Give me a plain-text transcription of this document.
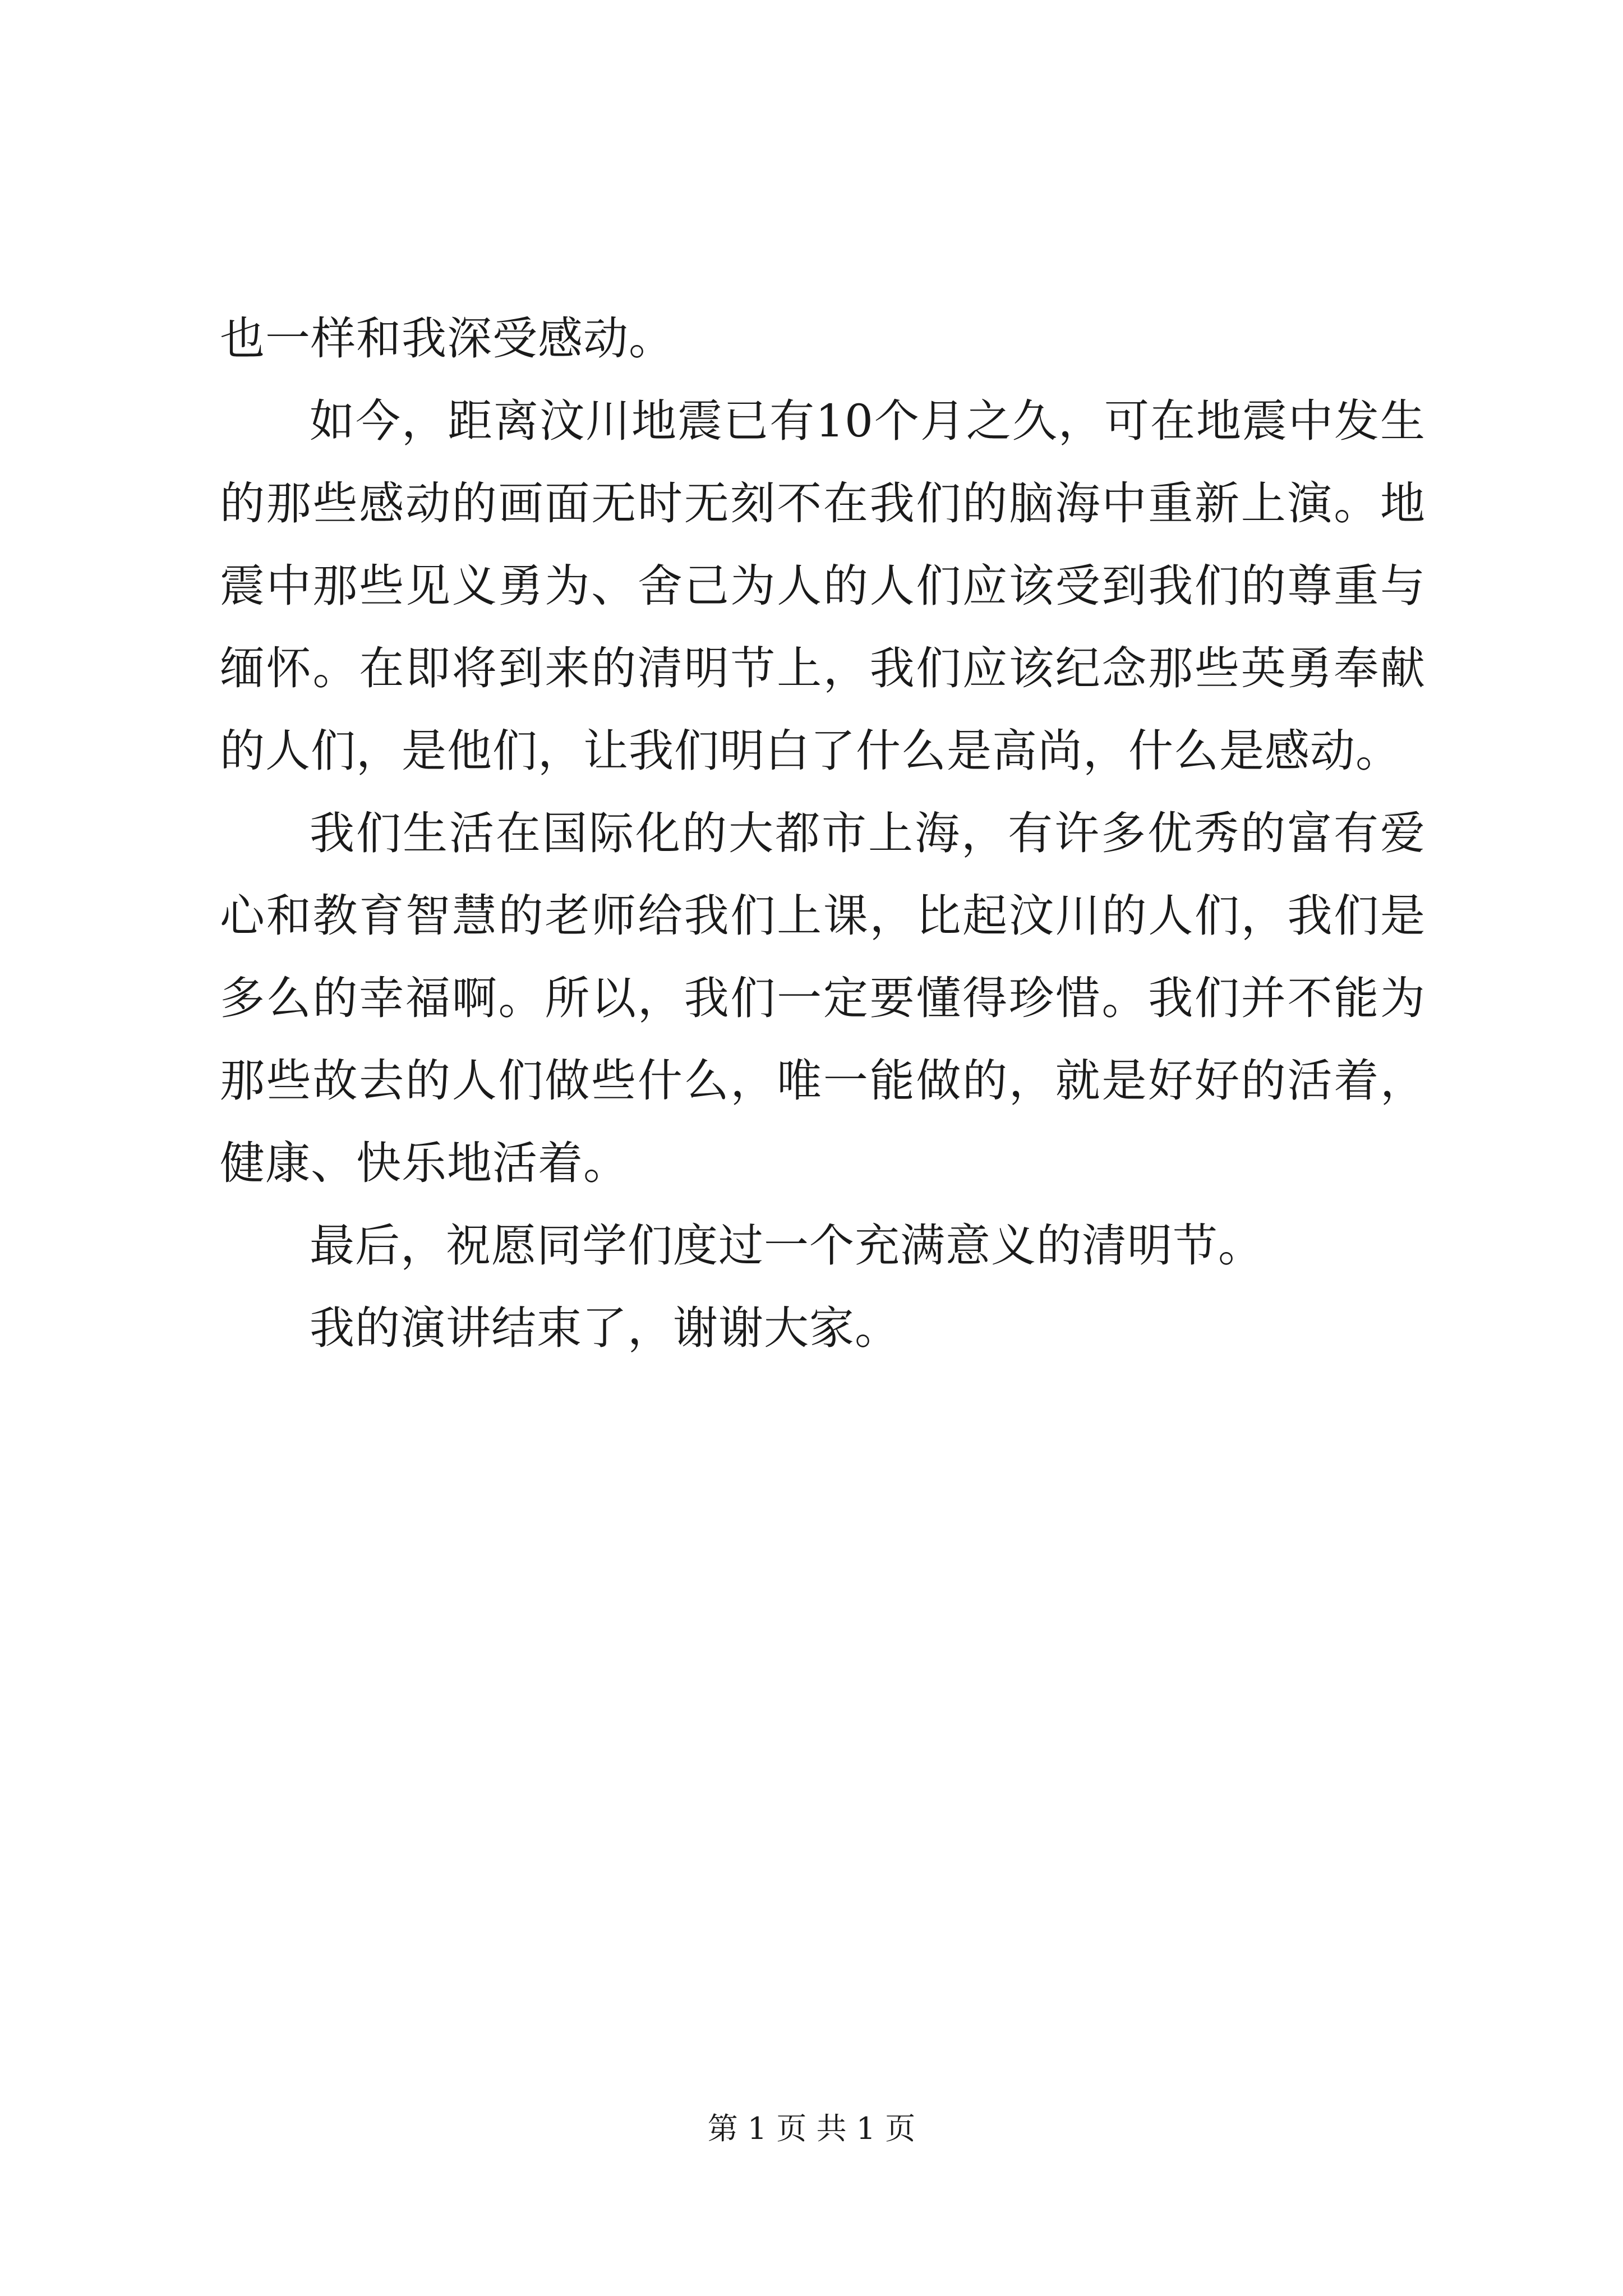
也一样和我深受感动。

如今，距离汶川地震已有10个月之久，可在地震中发生的那些感动的画面无时无刻不在我们的脑海中重新上演。地震中那些见义勇为、舍己为人的人们应该受到我们的尊重与缅怀。在即将到来的清明节上，我们应该纪念那些英勇奉献的人们，是他们，让我们明白了什么是高尚，什么是感动。

我们生活在国际化的大都市上海，有许多优秀的富有爱心和教育智慧的老师给我们上课，比起汶川的人们，我们是多么的幸福啊。所以，我们一定要懂得珍惜。我们并不能为那些故去的人们做些什么，唯一能做的，就是好好的活着，健康、快乐地活着。

最后，祝愿同学们度过一个充满意义的清明节。

我的演讲结束了，谢谢大家。

第 1 页 共 1 页
